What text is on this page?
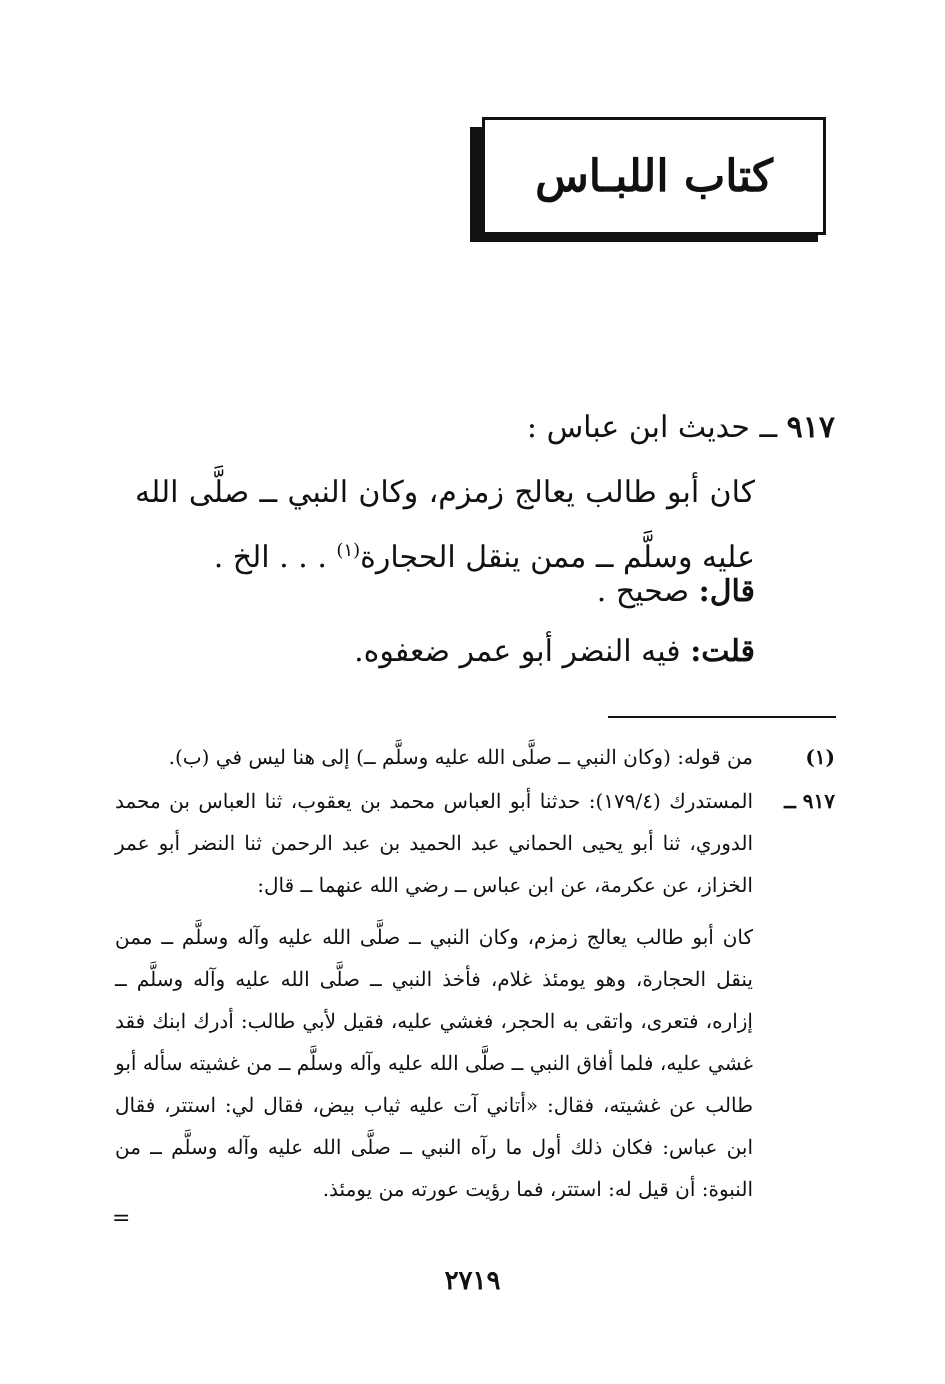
كتاب اللبـاس
٩١٧ ــ حديث ابن عباس :
كان أبو طالب يعالج زمزم، وكان النبي ــ صلَّى الله عليه وسلَّم ــ ممن ينقل الحجارة$^{(١)}$ . . . الخ .
قال: صحيح .
قلت: فيه النضر أبو عمر ضعفوه.
(١)
من قوله: (وكان النبي ــ صلَّى الله عليه وسلَّم ــ) إلى هنا ليس في (ب).
٩١٧ ــ
المستدرك (١٧٩/٤): حدثنا أبو العباس محمد بن يعقوب، ثنا العباس بن محمد الدوري، ثنا أبو يحيى الحماني عبد الحميد بن عبد الرحمن ثنا النضر أبو عمر الخزاز، عن عكرمة، عن ابن عباس ــ رضي الله عنهما ــ قال:
كان أبو طالب يعالج زمزم، وكان النبي ــ صلَّى الله عليه وآله وسلَّم ــ ممن ينقل الحجارة، وهو يومئذ غلام، فأخذ النبي ــ صلَّى الله عليه وآله وسلَّم ــ إزاره، فتعرى، واتقى به الحجر، فغشي عليه، فقيل لأبي طالب: أدرك ابنك فقد غشي عليه، فلما أفاق النبي ــ صلَّى الله عليه وآله وسلَّم ــ من غشيته سأله أبو طالب عن غشيته، فقال: «أتاني آت عليه ثياب بيض، فقال لي: استتر، فقال ابن عباس: فكان ذلك أول ما رآه النبي ــ صلَّى الله عليه وآله وسلَّم ــ من النبوة: أن قيل له: استتر، فما رؤيت عورته من يومئذ.
=
٢٧١٩
